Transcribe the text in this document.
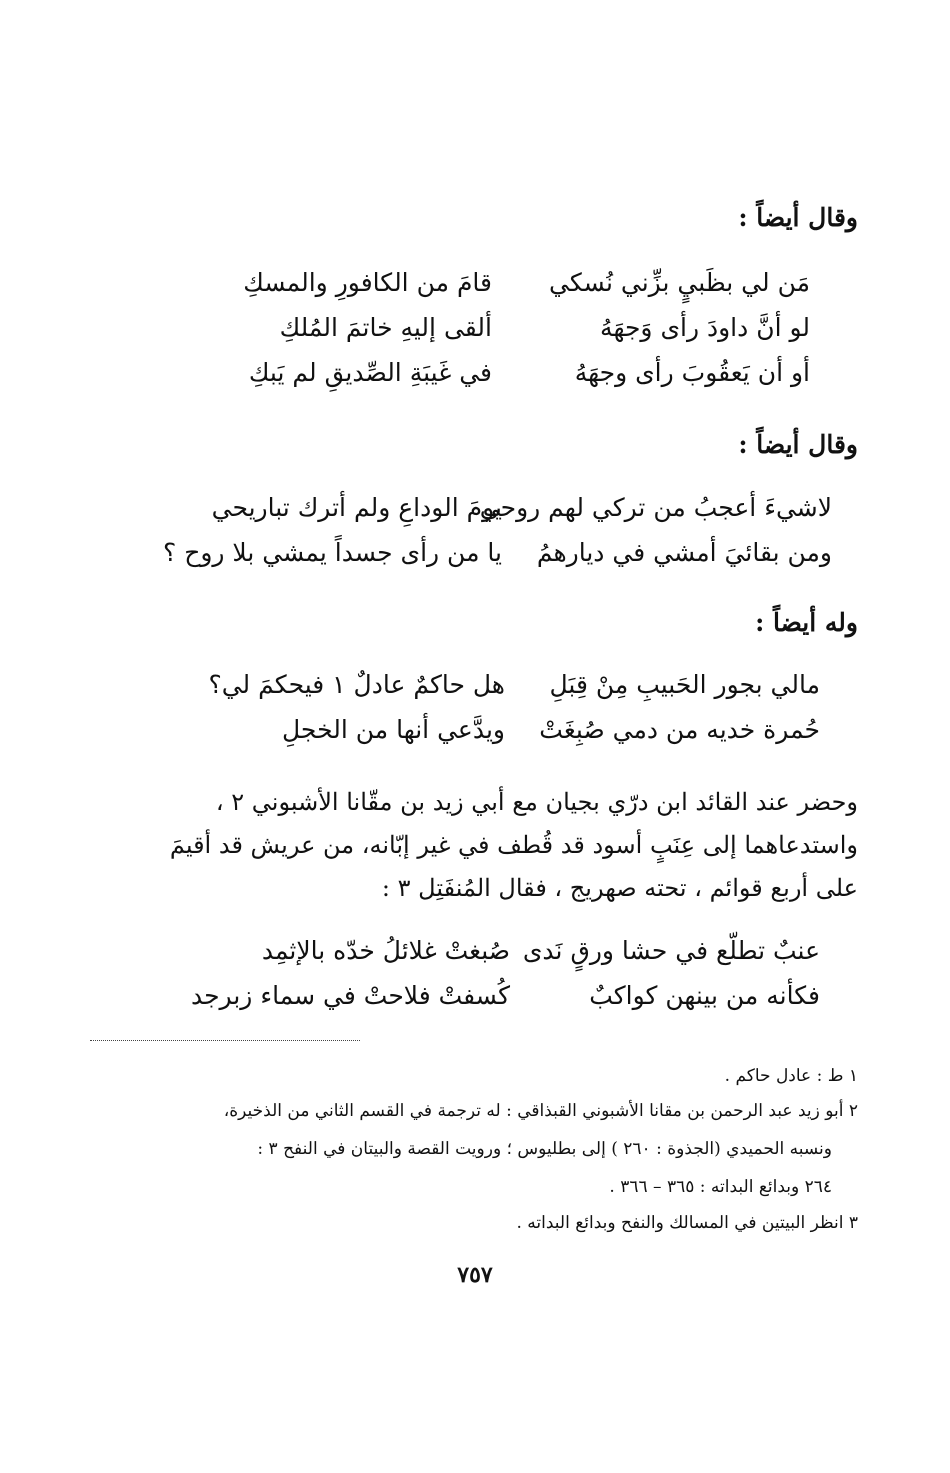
وقال أيضاً :
مَن لي بظَبيٍ بزِّني نُسكي
قامَ من الكافورِ والمسكِ
لو أنَّ داودَ رأى وَجهَهُ
ألقى إليهِ خاتمَ المُلكِ
أو أن يَعقُوبَ رأى وجهَهُ
في غَيبَةِ الصِّديقِ لم يَبكِ
وقال أيضاً :
لاشيءَ أعجبُ من تركي لهم روحي
يومَ الوداعِ ولم أترك تباريحي
ومن بقائيَ أمشي في ديارهمُ
يا من رأى جسداً يمشي بلا روح ؟
وله أيضاً :
مالي بجور الحَبيبِ مِنْ قِبَلِ
هل حاكمٌ عادلٌ ١ فيحكمَ لي؟
حُمرة خديه من دمي صُبِغَتْ
ويدَّعي أنها من الخجلِ
وحضر عند القائد ابن درّي بجيان مع أبي زيد بن مقّانا الأشبوني ٢ ،
واستدعاهما إلى عِنَبٍ أسود قد قُطف في غير إبّانه، من عريش قد أقيمَ
على أربع قوائم ، تحته صهريج ، فقال المُنفَتِل ٣ :
عنبٌ تطلّع في حشا ورقٍ نَدى
صُبغتْ غلائلُ خدّه بالإثمِد
فكأنه من بينهن كواكبٌ
كُسفتْ فلاحتْ في سماء زبرجد
١ ط : عادل حاكم .
٢ أبو زيد عبد الرحمن بن مقانا الأشبوني القبذاقي : له ترجمة في القسم الثاني من الذخيرة،
ونسبه الحميدي (الجذوة : ٢٦٠ ) إلى بطليوس ؛ ورويت القصة والبيتان في النفح ٣ :
٢٦٤ وبدائع البداته : ٣٦٥ – ٣٦٦ .
٣ انظر البيتين في المسالك والنفح وبدائع البداته .
٧٥٧
